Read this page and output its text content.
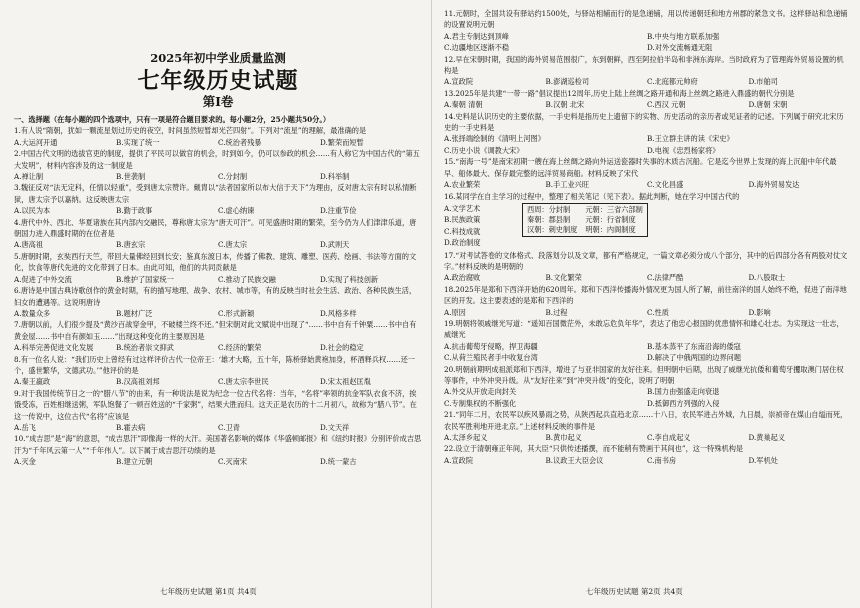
2025年初中学业质量监测
七年级历史试题
第Ⅰ卷

一、选择题（在每小题的四个选项中，只有一项是符合题目要求的。每小题2分，25小题共50分。）

1.有人说“隋朝，犹如一颗流星划过历史的夜空，时间虽然短暂却光芒四射”。下列对“流星”的理解，最准确的是
A.大运河开通	B.实现了统一	C.统治者残暴	D.繁荣而短暂
2.中国古代文明的选拔官吏的制度，提供了平民可以做官的机会，时到如今，仍可以参政的机会……有人称它为中国古代的“第五大发明”，材料内容涉及的这一制度是
A.禅让制	B.世袭制	C.分封制	D.科举制
3.魏征反对“法无定科，任情以轻重”，受到唐太宗赞许。戴胄以“法者国家所以布大信于天下”为理由，反对唐太宗有时以私情断狱，唐太宗予以嘉纳。这反映唐太宗
A.以民为本	B.勤于政事	C.虚心纳谏	D.注重节俭
4.唐代中外、西北、华夏诸族在其内部内交融民，尊称唐太宗为“唐天可汗”。可见盛唐时期的繁荣，至今仍为人们津津乐道，唐朝国力进入鼎盛时期的在位者是
A.唐高祖	B.唐玄宗	C.唐太宗	D.武则天
5.唐朝时期，玄奘西行天竺，带回大量佛经回到长安；鉴真东渡日本，传播了佛教、建筑、雕塑、医药、绘画、书法等方面的文化，饮食等唐代先进的文化带到了日本。由此可知，他们的共同贡献是
A.促进了中外交流	B.维护了国家统一	C.推动了民族交融	D.实现了科技创新
6.唐诗是中国古典诗歌创作的黄金时期，有的描写地理、战争、农村、城市等，有的反映当时社会生活、政治、各种民族生活，妇女的遭遇等。这说明唐诗
A.数量众多	B.题材广泛	C.形式新颖	D.风格多样
7.唐朝以前，人们很少提及“黄沙百战穿金甲，不破楼兰终不还。”但宋朝对此文赋说中出现了“……书中自有千钟粟……书中自有黄金屋……书中自有颜如玉……”出现这种变化的主要原因是
A.科举完善促进文化发展	B.统治者崇文抑武	C.经济的繁荣	D.社会的稳定
8.有一位名人说：“我们历史上曾经有过这样评价古代一位帝王：‘雄才大略，五十年，陈桥驿始黄袍加身，杯酒释兵权……还一个，盛世繁华，文德武功。’”他评价的是
A.秦王嬴政	B.汉高祖刘邦	C.唐太宗李世民	D.宋太祖赵匡胤
9.对于我国传统节日之一的“腊八节”的由来，有一种说法是说为纪念一位古代名将：当年，“名将”率领的抗金军队衣食不济，挨饿受冻，百姓相继送粥，军队饱餐了一顿百姓送的“千家粥”，结果大胜而归。这天正是农历的十二月初八，故称为“腊八节”。在这一传说中，这位古代“名将”应该是
A.岳飞	B.霍去病	C.卫青	D.文天祥
10.“成吉思”是“海”的意思，“成吉思汗”即像海一样的大汗。美国著名影响的媒体《华盛顿邮报》和《纽约时报》分别评价成吉思汗为“千年风云第一人”“千年伟人”。以下属于成吉思汗功绩的是
A.灭金	B.建立元朝	C.灭南宋	D.统一蒙古
11.元朝时，全国共设有驿站约1500处，与驿站相辅而行的是急递铺，用以传递朝廷和地方州郡的紧急文书。这样驿站和急递铺的设置说明元朝
A.君主专制达到顶峰	B.中央与地方联系加强
C.边疆地区逐渐不稳	D.对外交流畅通无阻
12.早在宋朝时期，我国的海外贸易范围很广，东到朝鲜，西至阿拉伯半岛和非洲东海岸。当时政府为了管理海外贸易设置的机构是
A.宣政院	B.澎湖巡检司	C.北庭都元帅府	D.市舶司
13.2025年是共建“一带一路”倡议提出12周年,历史上陆上丝绸之路开通和海上丝绸之路进入鼎盛的朝代分别是
A.秦朝 清朝	B.汉朝 北宋	C.西汉 元朝	D.唐朝 宋朝
14.史料是认识历史的主要依据，一手史料是指历史上遗留下的实物、历史活动的亲历者或见证者的记述。下列属于研究北宋历史的一手史料是
A.张择端绘制的《清明上河图》	B.王立群主讲的读《宋史》
C.历史小说《调教大宋》	D.电视《忠烈杨家将》
15.“南海一号”是南宋初期一艘在海上丝绸之路向外运送瓷器时失事的木质古沉船。它是迄今世界上发现的海上沉船中年代最早、船体最大、保存最完整的远洋贸易商船。材料反映了宋代
A.农业繁荣	B.手工业兴旺	C.文化昌盛	D.海外贸易发达
16.某同学在自主学习的过程中，整理了相关笔记（见下表）。据此判断，她在学习中国古代的
A.文学艺术
B.民族政策
C.科技成就
D.政治制度
西周：分封制	元朝：三省六部制
秦朝：郡县制	元朝：行省制度
汉朝：刺史制度 明朝：内阁制度
17.“对考试答卷的文体格式、段落划分以及文章，都有严格规定，一篇文章必须分成八个部分，其中的后四部分各有两股对仗文字。”材料反映的是明朝的
A.政治腐败	B.文化繁荣	C.法律严酷	D.八股取士
18.2025年是郑和下西洋开始的620周年。郑和下西洋传播海外情况更为国人所了解，前往南洋的国人始终不绝，促进了南洋地区的开发。这主要表述的是郑和下西洋的
A.原因	B.过程	C.性质	D.影响
19.明朝将领戚继光写道：“遥知百国微茫外，未敢忘危负年华”，表达了他忠心报国的优患情怀和雄心壮志。为实现这一壮志，威继光
A.抗击葡萄牙侵略，捍卫海疆	B.基本蒸平了东南沿海的倭寇
C.从荷兰殖民者手中收复台湾	D.解决了中俄两国的边界问题
20.明朝前期明成祖派郑和下西洋，增进了与亚非国家的友好往来。但明朝中后期，出现了威继光抗倭和葡萄牙攫取澳门居住权等事件，中外冲突升级。从“友好往来”到“冲突升级”的变化，说明了明朝
A.外交从开放走向封关	B.国力由强盛走向衰退
C.专制集权的不断强化	D.抵御西方列强的入侵
21.“同年二月，农民军以疾风暴雨之势，从陕西起兵直趋北京……十八日，农民军进占外城，九日晨，崇祯帝在煤山自缢而死，农民军胜利地开进北京。”上述材料反映的事件是
A.太泽乡起义	B.黄巾起义	C.李自成起义	D.黄巢起义
22.设立于清朝雍正年间，其大臣“只供传述播撰，而不能稍有赞画于其间也”，这一特殊机构是
A.宣政院	B.议政王大臣会议	C.南书房	D.军机处
七年级历史试题 第1页 共4页	七年级历史试题 第2页 共4页
